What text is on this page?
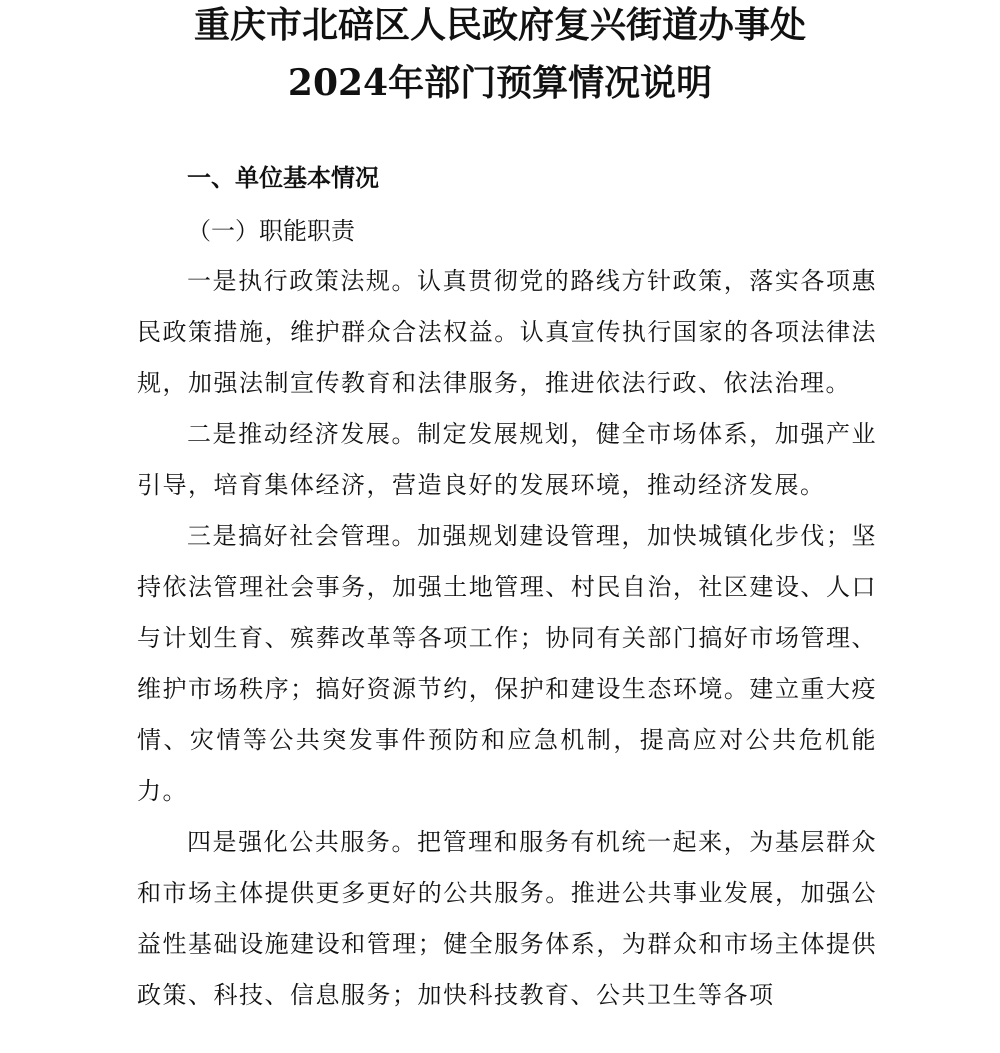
重庆市北碚区人民政府复兴街道办事处
2024年部门预算情况说明

一、单位基本情况

（一）职能职责

一是执行政策法规。认真贯彻党的路线方针政策，落实各项惠民政策措施，维护群众合法权益。认真宣传执行国家的各项法律法规，加强法制宣传教育和法律服务，推进依法行政、依法治理。

二是推动经济发展。制定发展规划，健全市场体系，加强产业引导，培育集体经济，营造良好的发展环境，推动经济发展。

三是搞好社会管理。加强规划建设管理，加快城镇化步伐；坚持依法管理社会事务，加强土地管理、村民自治，社区建设、人口与计划生育、殡葬改革等各项工作；协同有关部门搞好市场管理、维护市场秩序；搞好资源节约，保护和建设生态环境。建立重大疫情、灾情等公共突发事件预防和应急机制，提高应对公共危机能力。

四是强化公共服务。把管理和服务有机统一起来，为基层群众和市场主体提供更多更好的公共服务。推进公共事业发展，加强公益性基础设施建设和管理；健全服务体系，为群众和市场主体提供政策、科技、信息服务；加快科技教育、公共卫生等各项
